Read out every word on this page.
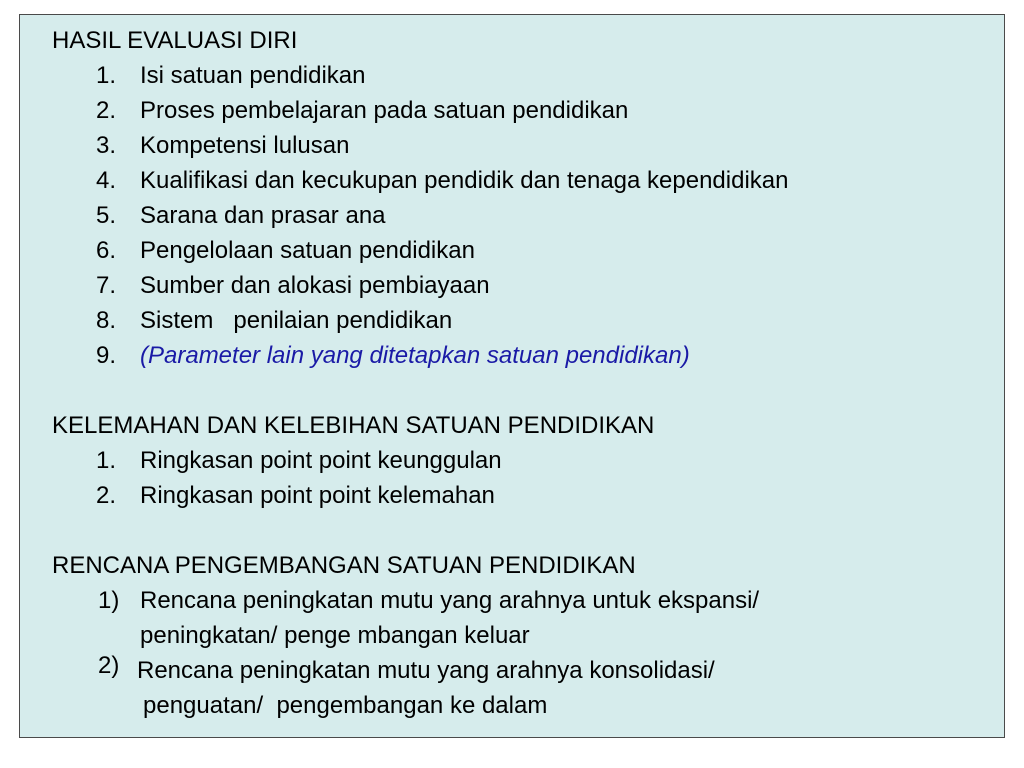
HASIL EVALUASI DIRI
1. Isi satuan pendidikan
2. Proses pembelajaran pada satuan pendidikan
3. Kompetensi lulusan
4. Kualifikasi dan kecukupan pendidik dan tenaga kependidikan
5. Sarana dan prasar ana
6. Pengelolaan satuan pendidikan
7. Sumber dan alokasi pembiayaan
8. Sistem   penilaian pendidikan
9. (Parameter lain yang ditetapkan satuan pendidikan)
KELEMAHAN DAN KELEBIHAN SATUAN PENDIDIKAN
1. Ringkasan point point keunggulan
2. Ringkasan point point kelemahan
RENCANA PENGEMBANGAN SATUAN PENDIDIKAN
1) Rencana peningkatan mutu yang arahnya untuk ekspansi/
peningkatan/ penge mbangan keluar
2) Rencana peningkatan mutu yang arahnya konsolidasi/
penguatan/  pengembangan ke dalam
